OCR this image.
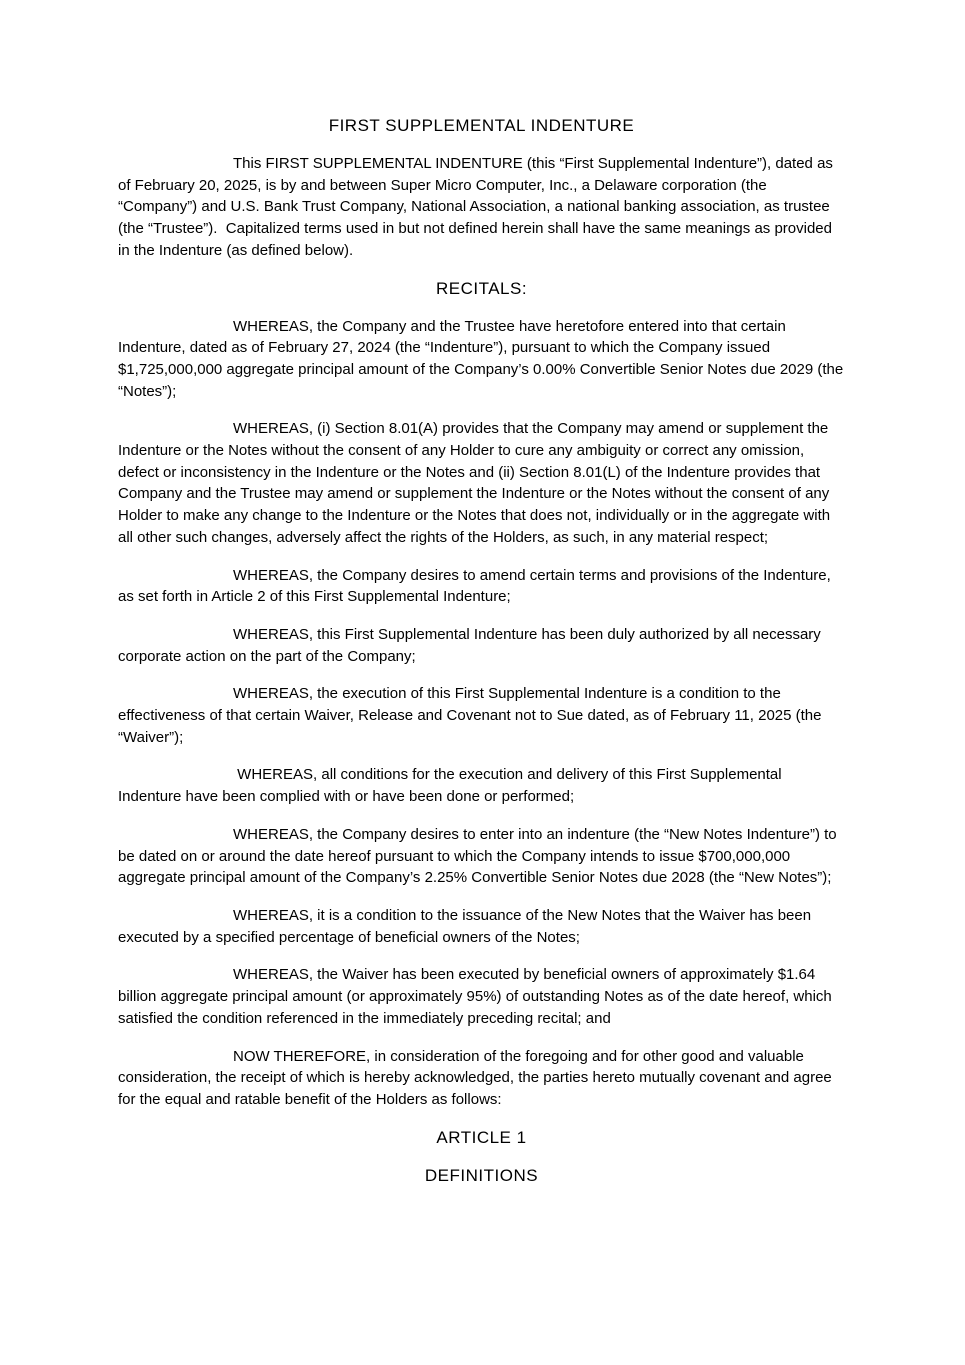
FIRST SUPPLEMENTAL INDENTURE

This FIRST SUPPLEMENTAL INDENTURE (this “First Supplemental Indenture”), dated as of February 20, 2025, is by and between Super Micro Computer, Inc., a Delaware corporation (the “Company”) and U.S. Bank Trust Company, National Association, a national banking association, as trustee (the “Trustee”).  Capitalized terms used in but not defined herein shall have the same meanings as provided in the Indenture (as defined below).

RECITALS:

WHEREAS, the Company and the Trustee have heretofore entered into that certain Indenture, dated as of February 27, 2024 (the “Indenture”), pursuant to which the Company issued $1,725,000,000 aggregate principal amount of the Company’s 0.00% Convertible Senior Notes due 2029 (the “Notes”);

WHEREAS, (i) Section 8.01(A) provides that the Company may amend or supplement the Indenture or the Notes without the consent of any Holder to cure any ambiguity or correct any omission, defect or inconsistency in the Indenture or the Notes and (ii) Section 8.01(L) of the Indenture provides that Company and the Trustee may amend or supplement the Indenture or the Notes without the consent of any Holder to make any change to the Indenture or the Notes that does not, individually or in the aggregate with all other such changes, adversely affect the rights of the Holders, as such, in any material respect;

WHEREAS, the Company desires to amend certain terms and provisions of the Indenture, as set forth in Article 2 of this First Supplemental Indenture;

WHEREAS, this First Supplemental Indenture has been duly authorized by all necessary corporate action on the part of the Company;

WHEREAS, the execution of this First Supplemental Indenture is a condition to the effectiveness of that certain Waiver, Release and Covenant not to Sue dated, as of February 11, 2025 (the “Waiver”);

WHEREAS, all conditions for the execution and delivery of this First Supplemental Indenture have been complied with or have been done or performed;

WHEREAS, the Company desires to enter into an indenture (the “New Notes Indenture”) to be dated on or around the date hereof pursuant to which the Company intends to issue $700,000,000 aggregate principal amount of the Company’s 2.25% Convertible Senior Notes due 2028 (the “New Notes”);

WHEREAS, it is a condition to the issuance of the New Notes that the Waiver has been executed by a specified percentage of beneficial owners of the Notes;

WHEREAS, the Waiver has been executed by beneficial owners of approximately $1.64 billion aggregate principal amount (or approximately 95%) of outstanding Notes as of the date hereof, which satisfied the condition referenced in the immediately preceding recital; and

NOW THEREFORE, in consideration of the foregoing and for other good and valuable consideration, the receipt of which is hereby acknowledged, the parties hereto mutually covenant and agree for the equal and ratable benefit of the Holders as follows:

ARTICLE 1
DEFINITIONS
